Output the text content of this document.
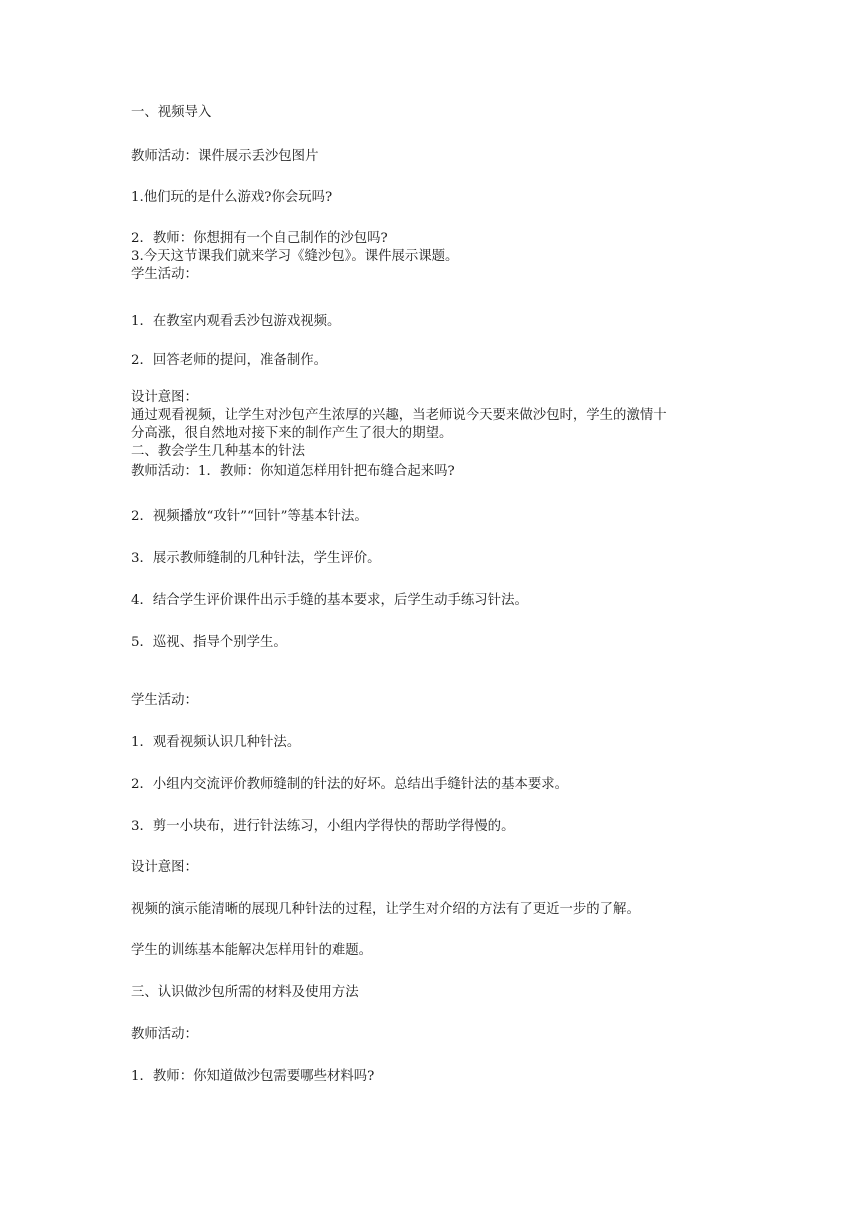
一、视频导入
教师活动：课件展示丢沙包图片
1.他们玩的是什么游戏?你会玩吗?
2．教师：你想拥有一个自己制作的沙包吗?
3.今天这节课我们就来学习《缝沙包》。课件展示课题。
学生活动：
1．在教室内观看丢沙包游戏视频。
2．回答老师的提问，准备制作。
设计意图：
通过观看视频，让学生对沙包产生浓厚的兴趣，当老师说今天要来做沙包时，学生的激情十
分高涨，很自然地对接下来的制作产生了很大的期望。
二、教会学生几种基本的针法
教师活动：1．教师：你知道怎样用针把布缝合起来吗?
2．视频播放“攻针”“回针”等基本针法。
3．展示教师缝制的几种针法，学生评价。
4．结合学生评价课件出示手缝的基本要求，后学生动手练习针法。
5．巡视、指导个别学生。
学生活动：
1．观看视频认识几种针法。
2．小组内交流评价教师缝制的针法的好坏。总结出手缝针法的基本要求。
3．剪一小块布，进行针法练习，小组内学得快的帮助学得慢的。
设计意图：
视频的演示能清晰的展现几种针法的过程，让学生对介绍的方法有了更近一步的了解。
学生的训练基本能解决怎样用针的难题。
三、认识做沙包所需的材料及使用方法
教师活动：
1．教师：你知道做沙包需要哪些材料吗?
